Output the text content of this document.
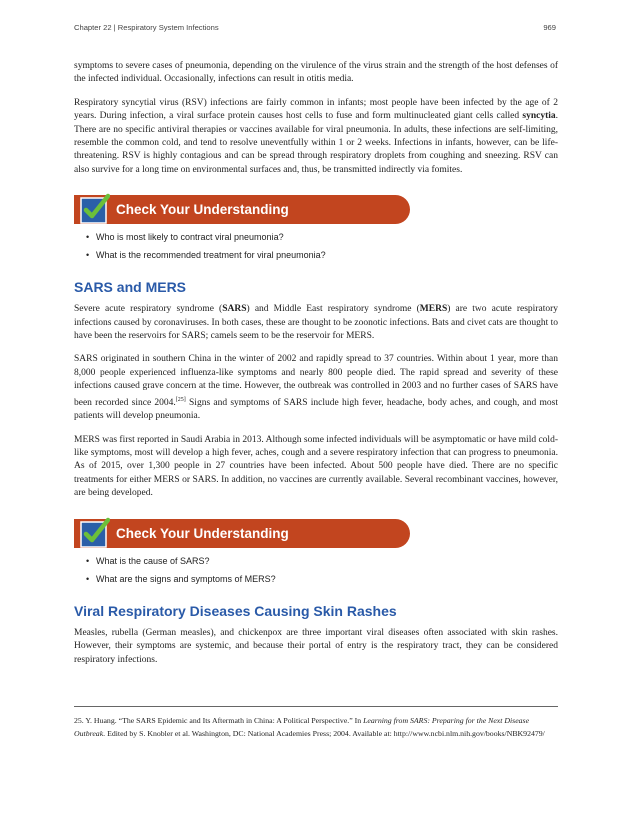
Chapter 22 | Respiratory System Infections	969

symptoms to severe cases of pneumonia, depending on the virulence of the virus strain and the strength of the host defenses of the infected individual. Occasionally, infections can result in otitis media.

Respiratory syncytial virus (RSV) infections are fairly common in infants; most people have been infected by the age of 2 years. During infection, a viral surface protein causes host cells to fuse and form multinucleated giant cells called syncytia. There are no specific antiviral therapies or vaccines available for viral pneumonia. In adults, these infections are self-limiting, resemble the common cold, and tend to resolve uneventfully within 1 or 2 weeks. Infections in infants, however, can be life-threatening. RSV is highly contagious and can be spread through respiratory droplets from coughing and sneezing. RSV can also survive for a long time on environmental surfaces and, thus, be transmitted indirectly via fomites.

Check Your Understanding
• Who is most likely to contract viral pneumonia?
• What is the recommended treatment for viral pneumonia?
SARS and MERS

Severe acute respiratory syndrome (SARS) and Middle East respiratory syndrome (MERS) are two acute respiratory infections caused by coronaviruses. In both cases, these are thought to be zoonotic infections. Bats and civet cats are thought to have been the reservoirs for SARS; camels seem to be the reservoir for MERS.

SARS originated in southern China in the winter of 2002 and rapidly spread to 37 countries. Within about 1 year, more than 8,000 people experienced influenza-like symptoms and nearly 800 people died. The rapid spread and severity of these infections caused grave concern at the time. However, the outbreak was controlled in 2003 and no further cases of SARS have been recorded since 2004.[25] Signs and symptoms of SARS include high fever, headache, body aches, and cough, and most patients will develop pneumonia.

MERS was first reported in Saudi Arabia in 2013. Although some infected individuals will be asymptomatic or have mild cold-like symptoms, most will develop a high fever, aches, cough and a severe respiratory infection that can progress to pneumonia. As of 2015, over 1,300 people in 27 countries have been infected. About 500 people have died. There are no specific treatments for either MERS or SARS. In addition, no vaccines are currently available. Several recombinant vaccines, however, are being developed.

Check Your Understanding
• What is the cause of SARS?
• What are the signs and symptoms of MERS?
Viral Respiratory Diseases Causing Skin Rashes

Measles, rubella (German measles), and chickenpox are three important viral diseases often associated with skin rashes. However, their symptoms are systemic, and because their portal of entry is the respiratory tract, they can be considered respiratory infections.

25. Y. Huang. “The SARS Epidemic and Its Aftermath in China: A Political Perspective.” In Learning from SARS: Preparing for the Next Disease Outbreak. Edited by S. Knobler et al. Washington, DC: National Academies Press; 2004. Available at: http://www.ncbi.nlm.nih.gov/books/NBK92479/
